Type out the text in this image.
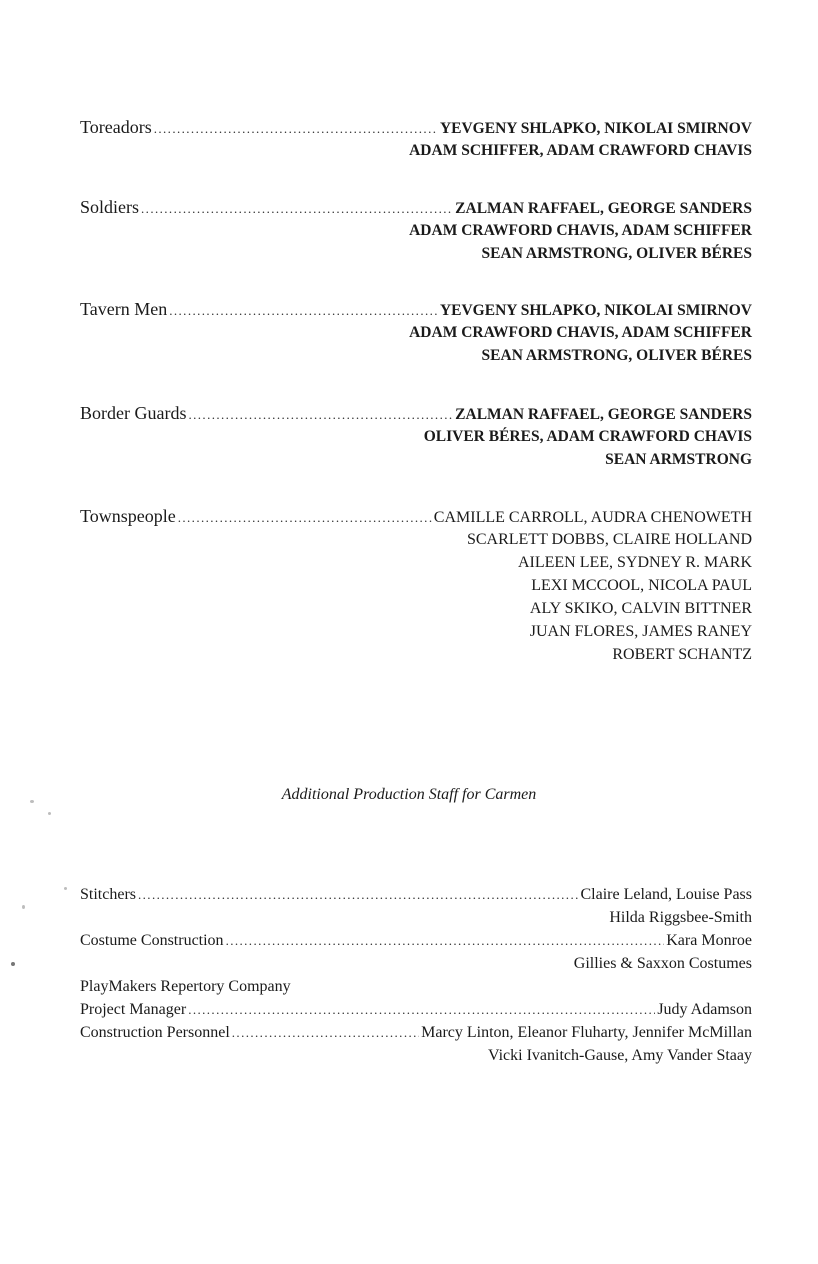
Toreadors .....	YEVGENY SHLAPKO, NIKOLAI SMIRNOV
ADAM SCHIFFER, ADAM CRAWFORD CHAVIS
Soldiers .....	ZALMAN RAFFAEL, GEORGE SANDERS
ADAM CRAWFORD CHAVIS, ADAM SCHIFFER
SEAN ARMSTRONG, OLIVER BÉRES
Tavern Men .....	YEVGENY SHLAPKO, NIKOLAI SMIRNOV
ADAM CRAWFORD CHAVIS, ADAM SCHIFFER
SEAN ARMSTRONG, OLIVER BÉRES
Border Guards .....	ZALMAN RAFFAEL, GEORGE SANDERS
OLIVER BÉRES, ADAM CRAWFORD CHAVIS
SEAN ARMSTRONG
Townspeople .....	CAMILLE CARROLL, AUDRA CHENOWETH
SCARLETT DOBBS, CLAIRE HOLLAND
AILEEN LEE, SYDNEY R. MARK
LEXI MCCOOL, NICOLA PAUL
ALY SKIKO, CALVIN BITTNER
JUAN FLORES, JAMES RANEY
ROBERT SCHANTZ
Additional Production Staff for Carmen
Stitchers .....	Claire Leland, Louise Pass
Hilda Riggsbee-Smith
Costume Construction .....	Kara Monroe
Gillies & Saxxon Costumes
PlayMakers Repertory Company
Project Manager .....	Judy Adamson
Construction Personnel .....	Marcy Linton, Eleanor Fluharty, Jennifer McMillan
Vicki Ivanitch-Gause, Amy Vander Staay
